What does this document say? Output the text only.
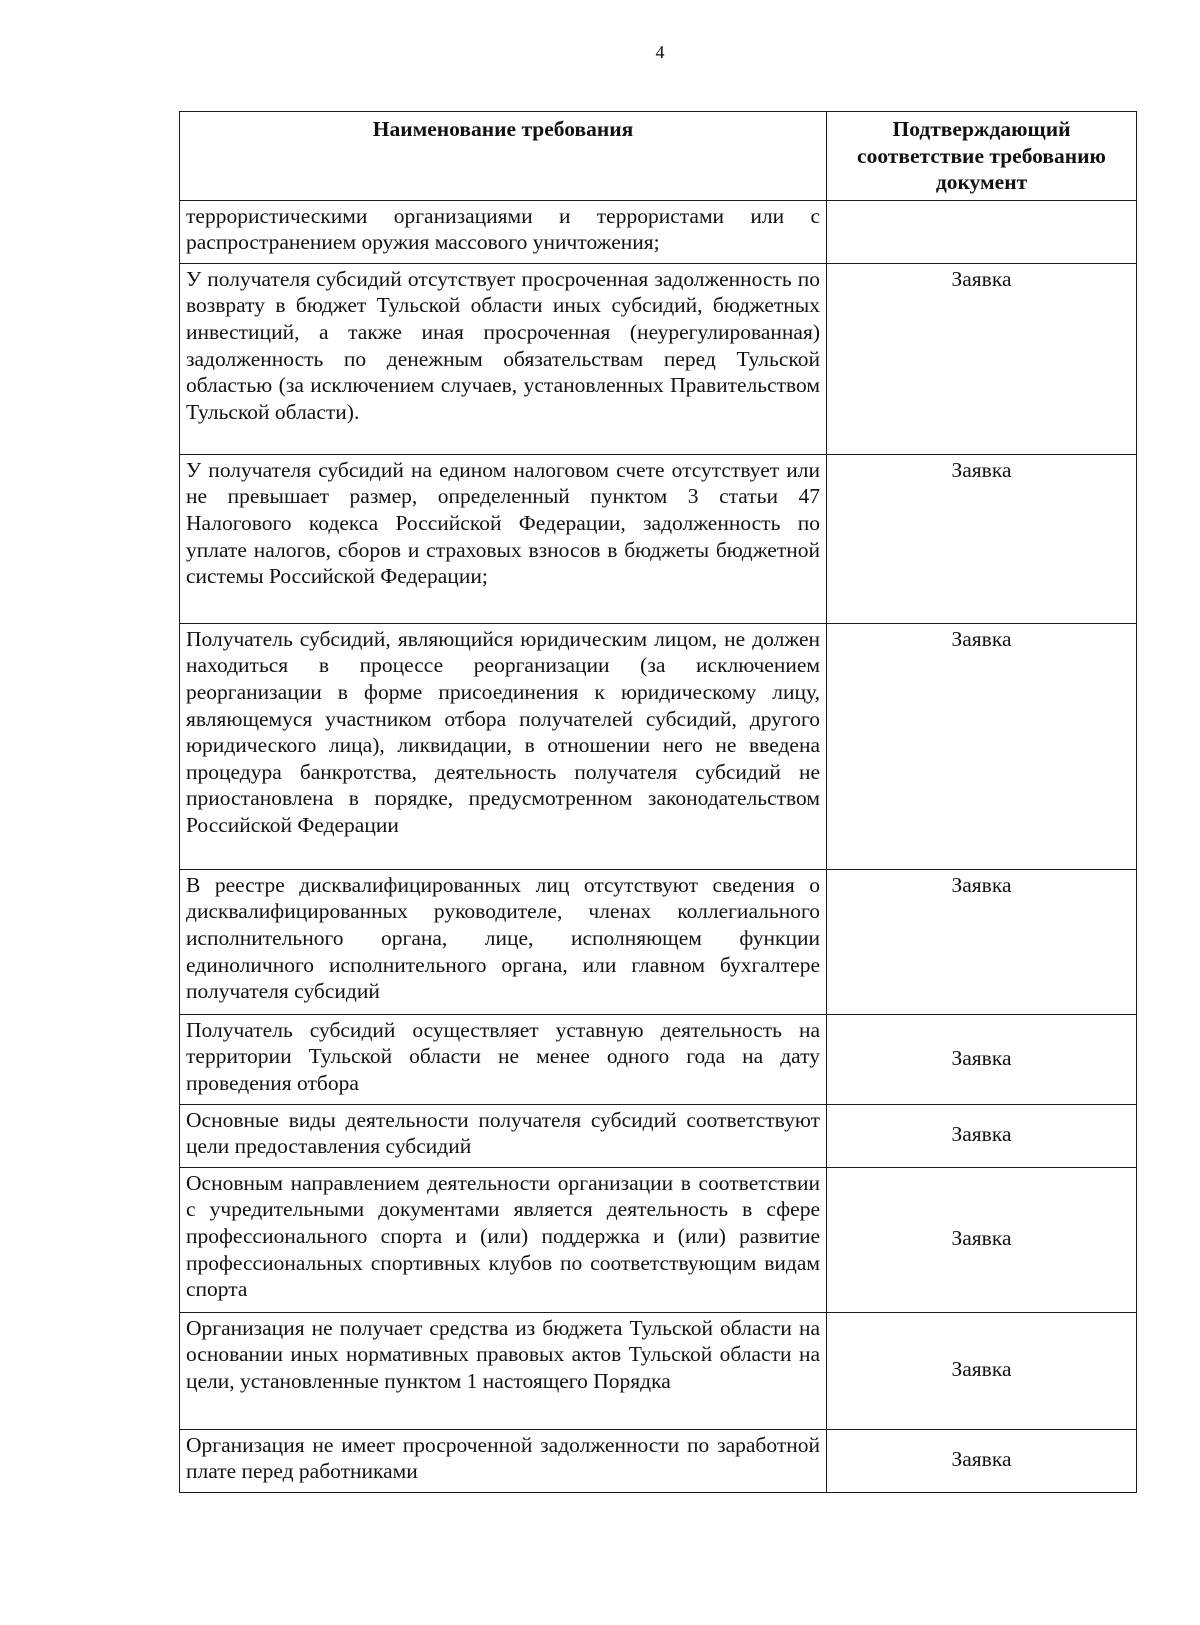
4
Наименование требования	Подтверждающий соответствие требованию документ
террористическими организациями и террористами или с распространением оружия массового уничтожения;	
У получателя субсидий отсутствует просроченная задолженность по возврату в бюджет Тульской области иных субсидий, бюджетных инвестиций, а также иная просроченная (неурегулированная) задолженность по денежным обязательствам перед Тульской областью (за исключением случаев, установленных Правительством Тульской области).	Заявка
У получателя субсидий на едином налоговом счете отсутствует или не превышает размер, определенный пунктом 3 статьи 47 Налогового кодекса Российской Федерации, задолженность по уплате налогов, сборов и страховых взносов в бюджеты бюджетной системы Российской Федерации;	Заявка
Получатель субсидий, являющийся юридическим лицом, не должен находиться в процессе реорганизации (за исключением реорганизации в форме присоединения к юридическому лицу, являющемуся участником отбора получателей субсидий, другого юридического лица), ликвидации, в отношении него не введена процедура банкротства, деятельность получателя субсидий не приостановлена в порядке, предусмотренном законодательством Российской Федерации	Заявка
В реестре дисквалифицированных лиц отсутствуют сведения о дисквалифицированных руководителе, членах коллегиального исполнительного органа, лице, исполняющем функции единоличного исполнительного органа, или главном бухгалтере получателя субсидий	Заявка
Получатель субсидий осуществляет уставную деятельность на территории Тульской области не менее одного года на дату проведения отбора	Заявка
Основные виды деятельности получателя субсидий соответствуют цели предоставления субсидий	Заявка
Основным направлением деятельности организации в соответствии с учредительными документами является деятельность в сфере профессионального спорта и (или) поддержка и (или) развитие профессиональных спортивных клубов по соответствующим видам спорта	Заявка
Организация не получает средства из бюджета Тульской области на основании иных нормативных правовых актов Тульской области на цели, установленные пунктом 1 настоящего Порядка	Заявка
Организация не имеет просроченной задолженности по заработной плате перед работниками	Заявка
